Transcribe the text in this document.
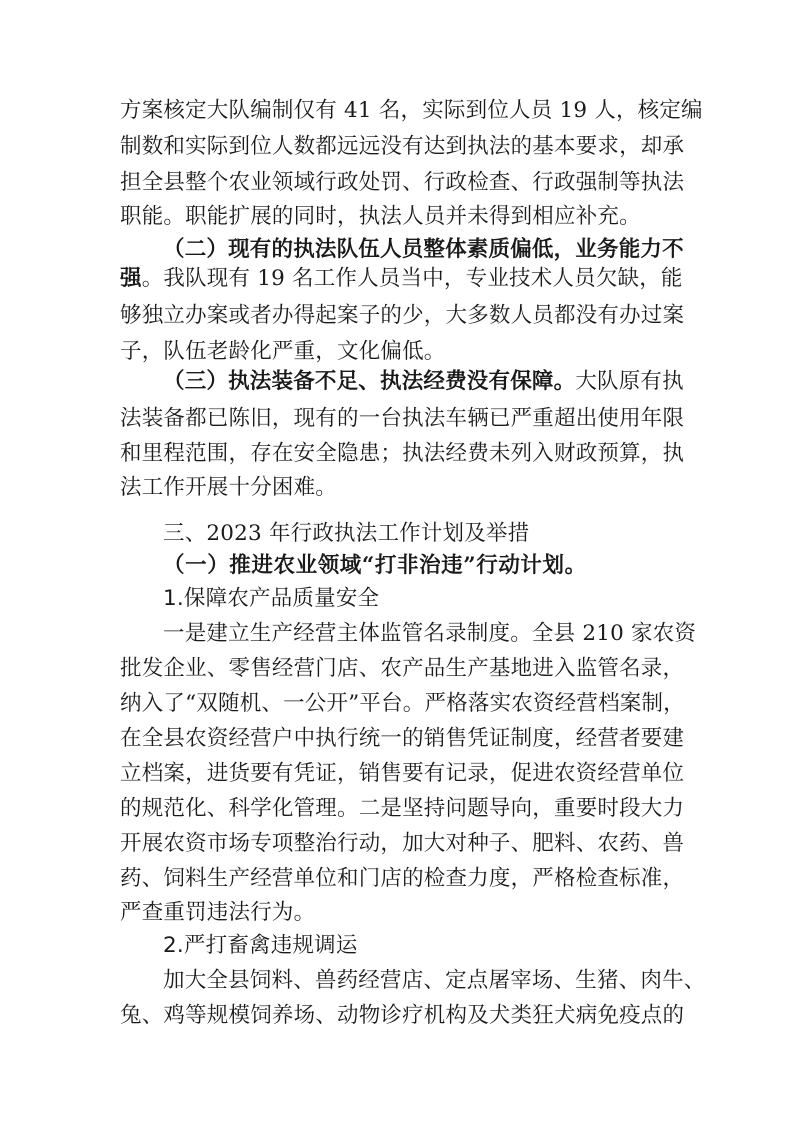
方案核定大队编制仅有 41 名，实际到位人员 19 人，核定编
制数和实际到位人数都远远没有达到执法的基本要求，却承
担全县整个农业领域行政处罚、行政检查、行政强制等执法
职能。职能扩展的同时，执法人员并未得到相应补充。
（二）现有的执法队伍人员整体素质偏低，业务能力不
强。我队现有 19 名工作人员当中，专业技术人员欠缺，能
够独立办案或者办得起案子的少，大多数人员都没有办过案
子，队伍老龄化严重，文化偏低。
（三）执法装备不足、执法经费没有保障。大队原有执
法装备都已陈旧，现有的一台执法车辆已严重超出使用年限
和里程范围，存在安全隐患；执法经费未列入财政预算，执
法工作开展十分困难。
三、2023 年行政执法工作计划及举措
（一）推进农业领域“打非治违”行动计划。
1.保障农产品质量安全
一是建立生产经营主体监管名录制度。全县 210 家农资
批发企业、零售经营门店、农产品生产基地进入监管名录，
纳入了“双随机、一公开”平台。严格落实农资经营档案制，
在全县农资经营户中执行统一的销售凭证制度，经营者要建
立档案，进货要有凭证，销售要有记录，促进农资经营单位
的规范化、科学化管理。二是坚持问题导向，重要时段大力
开展农资市场专项整治行动，加大对种子、肥料、农药、兽
药、饲料生产经营单位和门店的检查力度，严格检查标准，
严查重罚违法行为。
2.严打畜禽违规调运
加大全县饲料、兽药经营店、定点屠宰场、生猪、肉牛、
兔、鸡等规模饲养场、动物诊疗机构及犬类狂犬病免疫点的
